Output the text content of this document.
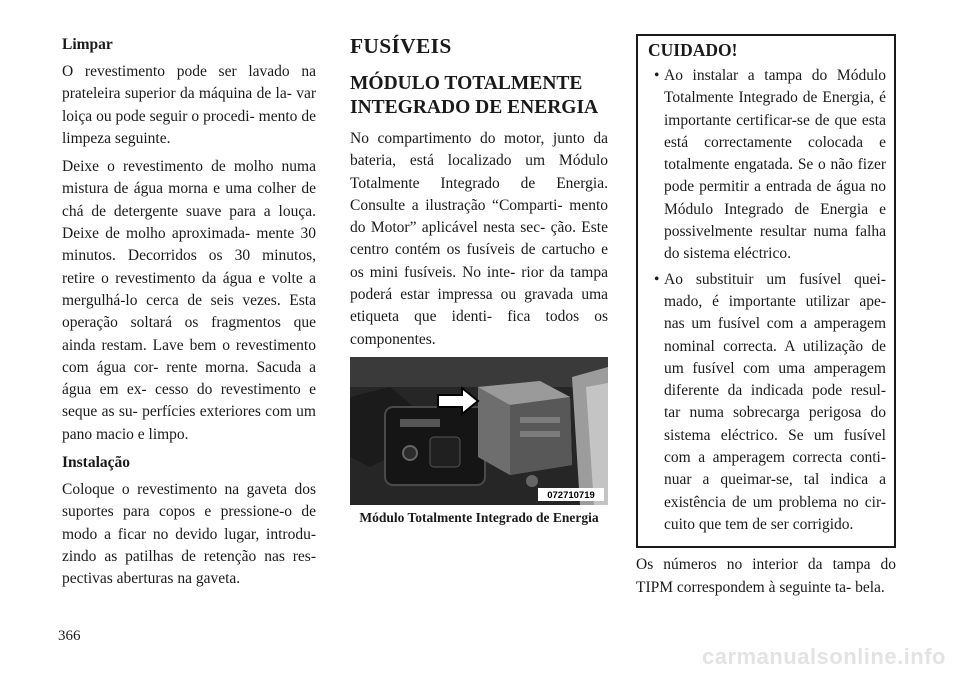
Limpar

O revestimento pode ser lavado na prateleira superior da máquina de la- var loiça ou pode seguir o procedi- mento de limpeza seguinte.

Deixe o revestimento de molho numa mistura de água morna e uma colher de chá de detergente suave para a louça. Deixe de molho aproximada- mente 30 minutos. Decorridos os 30 minutos, retire o revestimento da água e volte a mergulhá-lo cerca de seis vezes. Esta operação soltará os fragmentos que ainda restam. Lave bem o revestimento com água cor- rente morna. Sacuda a água em ex- cesso do revestimento e seque as su- perfícies exteriores com um pano macio e limpo.

Instalação

Coloque o revestimento na gaveta dos suportes para copos e pressione-o de modo a ficar no devido lugar, introdu- zindo as patilhas de retenção nas res- pectivas aberturas na gaveta.

FUSÍVEIS
MÓDULO TOTALMENTE INTEGRADO DE ENERGIA

No compartimento do motor, junto da bateria, está localizado um Módulo Totalmente Integrado de Energia. Consulte a ilustração “Comparti- mento do Motor” aplicável nesta sec- ção. Este centro contém os fusíveis de cartucho e os mini fusíveis. No inte- rior da tampa poderá estar impressa ou gravada uma etiqueta que identi- fica todos os componentes.

072710719
Módulo Totalmente Integrado de Energia
CUIDADO!
• Ao instalar a tampa do Módulo Totalmente Integrado de Energia, é importante certificar-se de que esta está correctamente colocada e totalmente engatada. Se o não fizer pode permitir a entrada de água no Módulo Integrado de Energia e possivelmente resultar numa falha do sistema eléctrico.
• Ao substituir um fusível quei- mado, é importante utilizar ape- nas um fusível com a amperagem nominal correcta. A utilização de um fusível com uma amperagem diferente da indicada pode resul- tar numa sobrecarga perigosa do sistema eléctrico. Se um fusível com a amperagem correcta conti- nuar a queimar-se, tal indica a existência de um problema no cir- cuito que tem de ser corrigido.

Os números no interior da tampa do TIPM correspondem à seguinte ta- bela.

366
carmanualsonline.info
